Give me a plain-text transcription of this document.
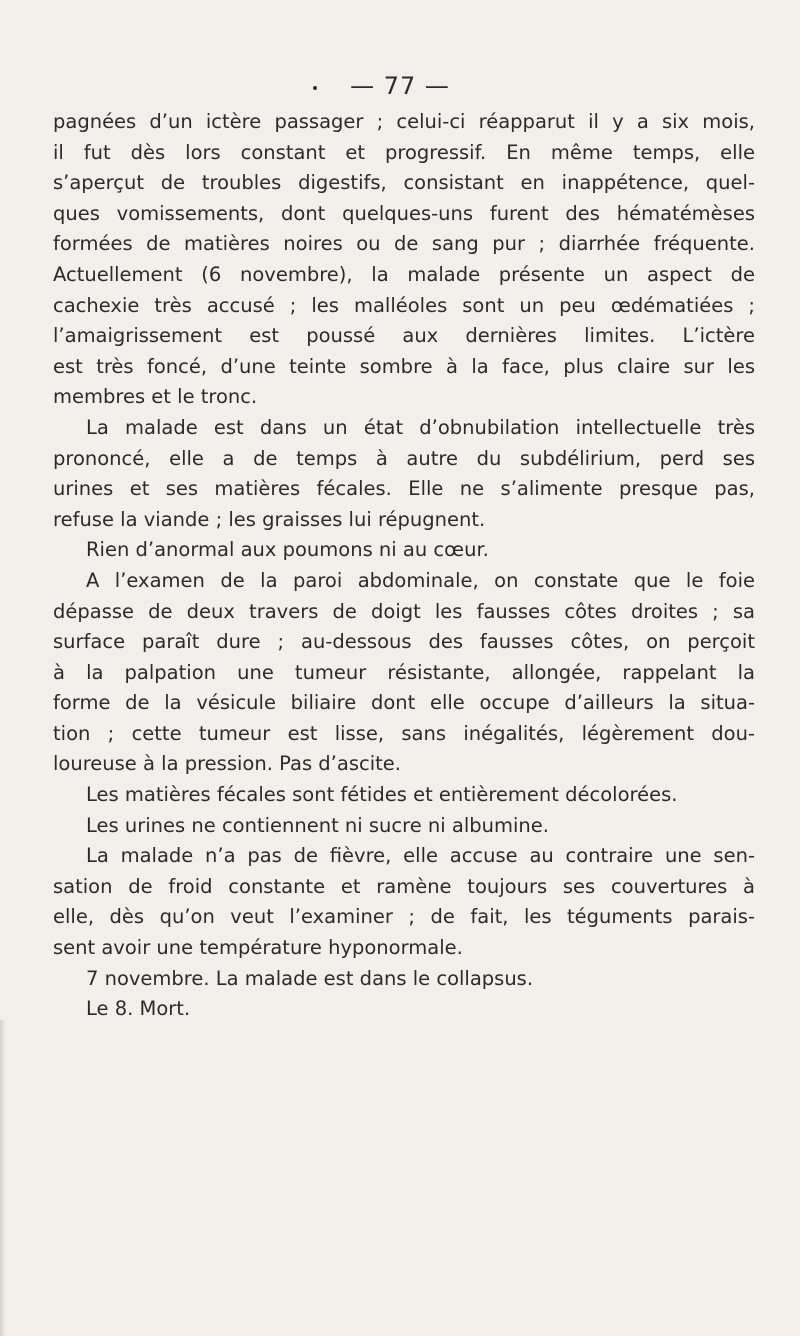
— 77 —
pagnées d’un ictère passager ; celui-ci réapparut il y a six mois,
il fut dès lors constant et progressif. En même temps, elle
s’aperçut de troubles digestifs, consistant en inappétence, quel-
ques vomissements, dont quelques-uns furent des hématémèses
formées de matières noires ou de sang pur ; diarrhée fréquente.
Actuellement (6 novembre), la malade présente un aspect de
cachexie très accusé ; les malléoles sont un peu œdématiées ;
l’amaigrissement est poussé aux dernières limites. L’ictère
est très foncé, d’une teinte sombre à la face, plus claire sur les
membres et le tronc.
La malade est dans un état d’obnubilation intellectuelle très
prononcé, elle a de temps à autre du subdélirium, perd ses
urines et ses matières fécales. Elle ne s’alimente presque pas,
refuse la viande ; les graisses lui répugnent.
Rien d’anormal aux poumons ni au cœur.
A l’examen de la paroi abdominale, on constate que le foie
dépasse de deux travers de doigt les fausses côtes droites ; sa
surface paraît dure ; au-dessous des fausses côtes, on perçoit
à la palpation une tumeur résistante, allongée, rappelant la
forme de la vésicule biliaire dont elle occupe d’ailleurs la situa-
tion ; cette tumeur est lisse, sans inégalités, légèrement dou-
loureuse à la pression. Pas d’ascite.
Les matières fécales sont fétides et entièrement décolorées.
Les urines ne contiennent ni sucre ni albumine.
La malade n’a pas de fièvre, elle accuse au contraire une sen-
sation de froid constante et ramène toujours ses couvertures à
elle, dès qu’on veut l’examiner ; de fait, les téguments parais-
sent avoir une température hyponormale.
7 novembre. La malade est dans le collapsus.
Le 8. Mort.
